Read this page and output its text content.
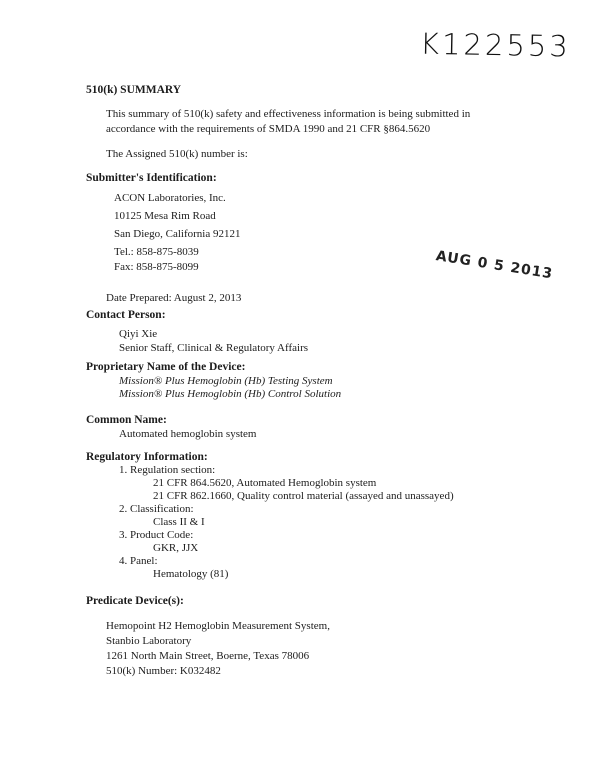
K122553
AUG 0 5 2013
510(k) SUMMARY
This summary of 510(k) safety and effectiveness information is being submitted in
accordance with the requirements of SMDA 1990 and 21 CFR §864.5620
The Assigned 510(k) number is:
Submitter's Identification:
ACON Laboratories, Inc.
10125 Mesa Rim Road
San Diego, California 92121
Tel.: 858-875-8039
Fax: 858-875-8099
Date Prepared: August 2, 2013
Contact Person:
Qiyi Xie
Senior Staff, Clinical & Regulatory Affairs
Proprietary Name of the Device:
Mission® Plus Hemoglobin (Hb) Testing System
Mission® Plus Hemoglobin (Hb) Control Solution
Common Name:
Automated hemoglobin system
Regulatory Information:
1. Regulation section:
21 CFR 864.5620, Automated Hemoglobin system
21 CFR 862.1660, Quality control material (assayed and unassayed)
2. Classification:
Class II & I
3. Product Code:
GKR, JJX
4. Panel:
Hematology (81)
Predicate Device(s):
Hemopoint H2 Hemoglobin Measurement System,
Stanbio Laboratory
1261 North Main Street, Boerne, Texas 78006
510(k) Number: K032482
